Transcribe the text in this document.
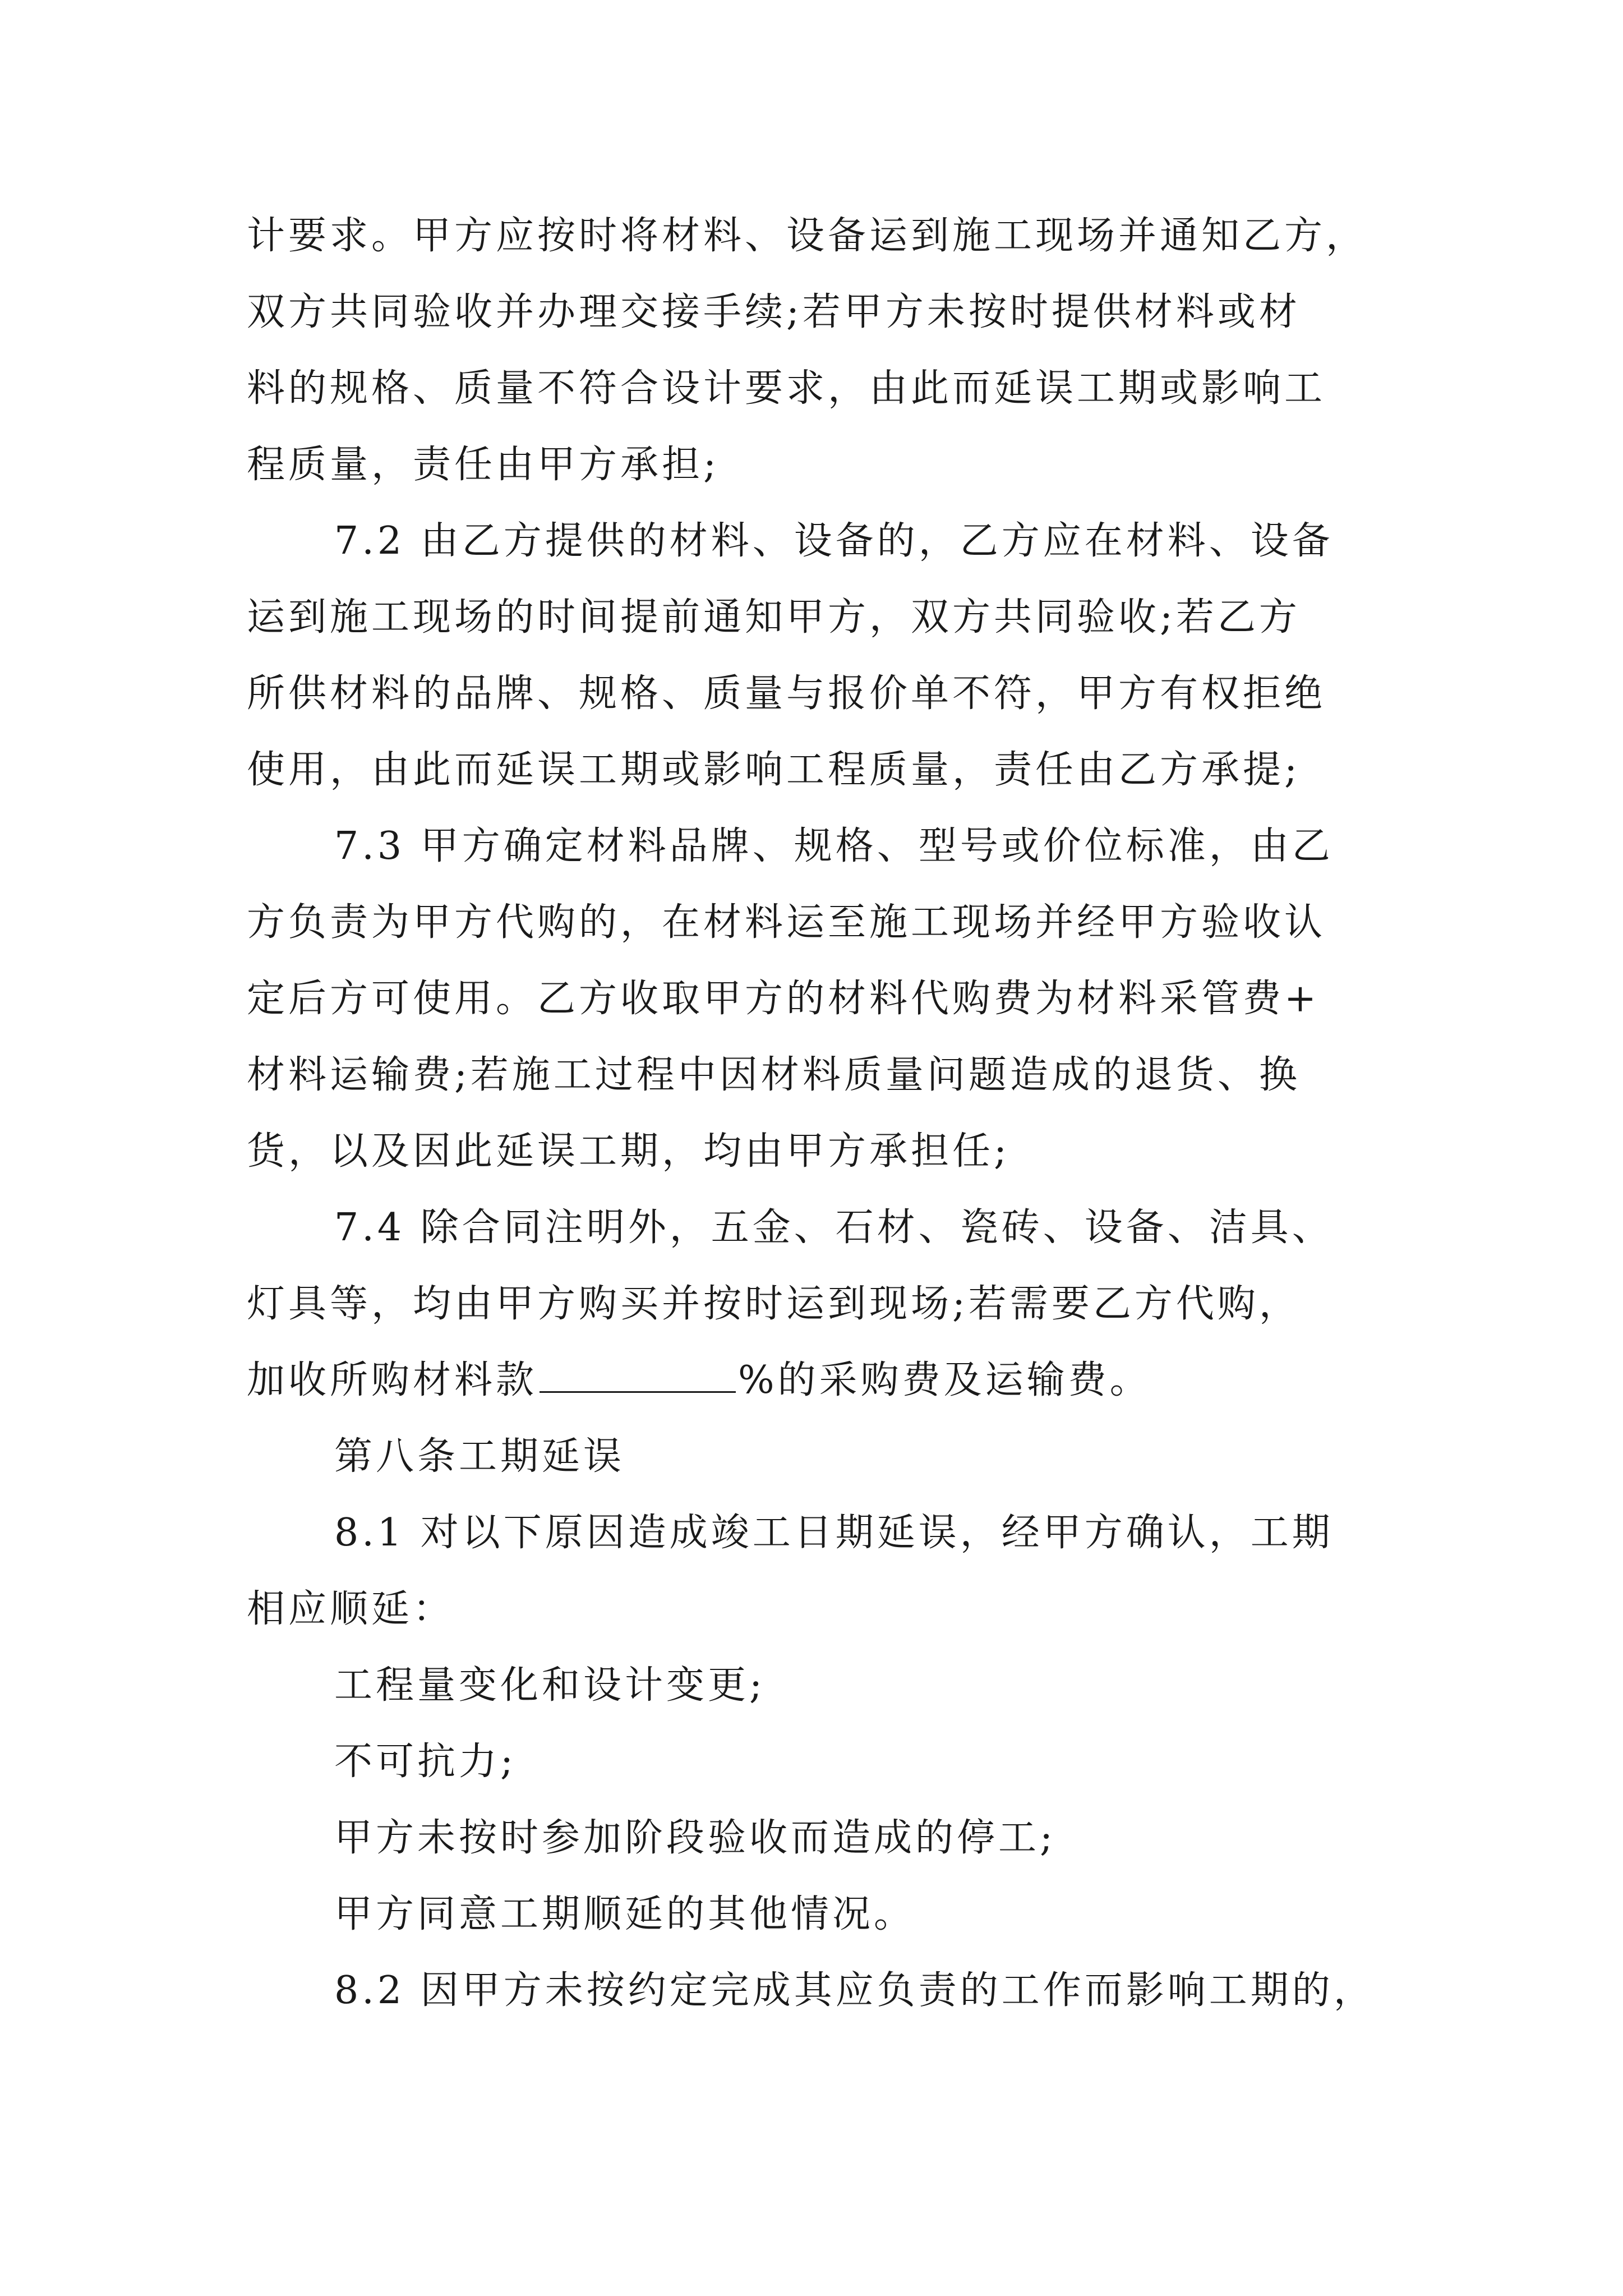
计要求。甲方应按时将材料、设备运到施工现场并通知乙方，
双方共同验收并办理交接手续;若甲方未按时提供材料或材
料的规格、质量不符合设计要求，由此而延误工期或影响工
程质量，责任由甲方承担;
7.2 由乙方提供的材料、设备的，乙方应在材料、设备
运到施工现场的时间提前通知甲方，双方共同验收;若乙方
所供材料的品牌、规格、质量与报价单不符，甲方有权拒绝
使用，由此而延误工期或影响工程质量，责任由乙方承提;
7.3 甲方确定材料品牌、规格、型号或价位标准，由乙
方负责为甲方代购的，在材料运至施工现场并经甲方验收认
定后方可使用。乙方收取甲方的材料代购费为材料采管费+
材料运输费;若施工过程中因材料质量问题造成的退货、换
货，以及因此延误工期，均由甲方承担任;
7.4 除合同注明外，五金、石材、瓷砖、设备、洁具、
灯具等，均由甲方购买并按时运到现场;若需要乙方代购，
加收所购材料款	%的采购费及运输费。
第八条工期延误
8.1 对以下原因造成竣工日期延误，经甲方确认，工期
相应顺延：
工程量变化和设计变更;
不可抗力;
甲方未按时参加阶段验收而造成的停工;
甲方同意工期顺延的其他情况。
8.2 因甲方未按约定完成其应负责的工作而影响工期的，
